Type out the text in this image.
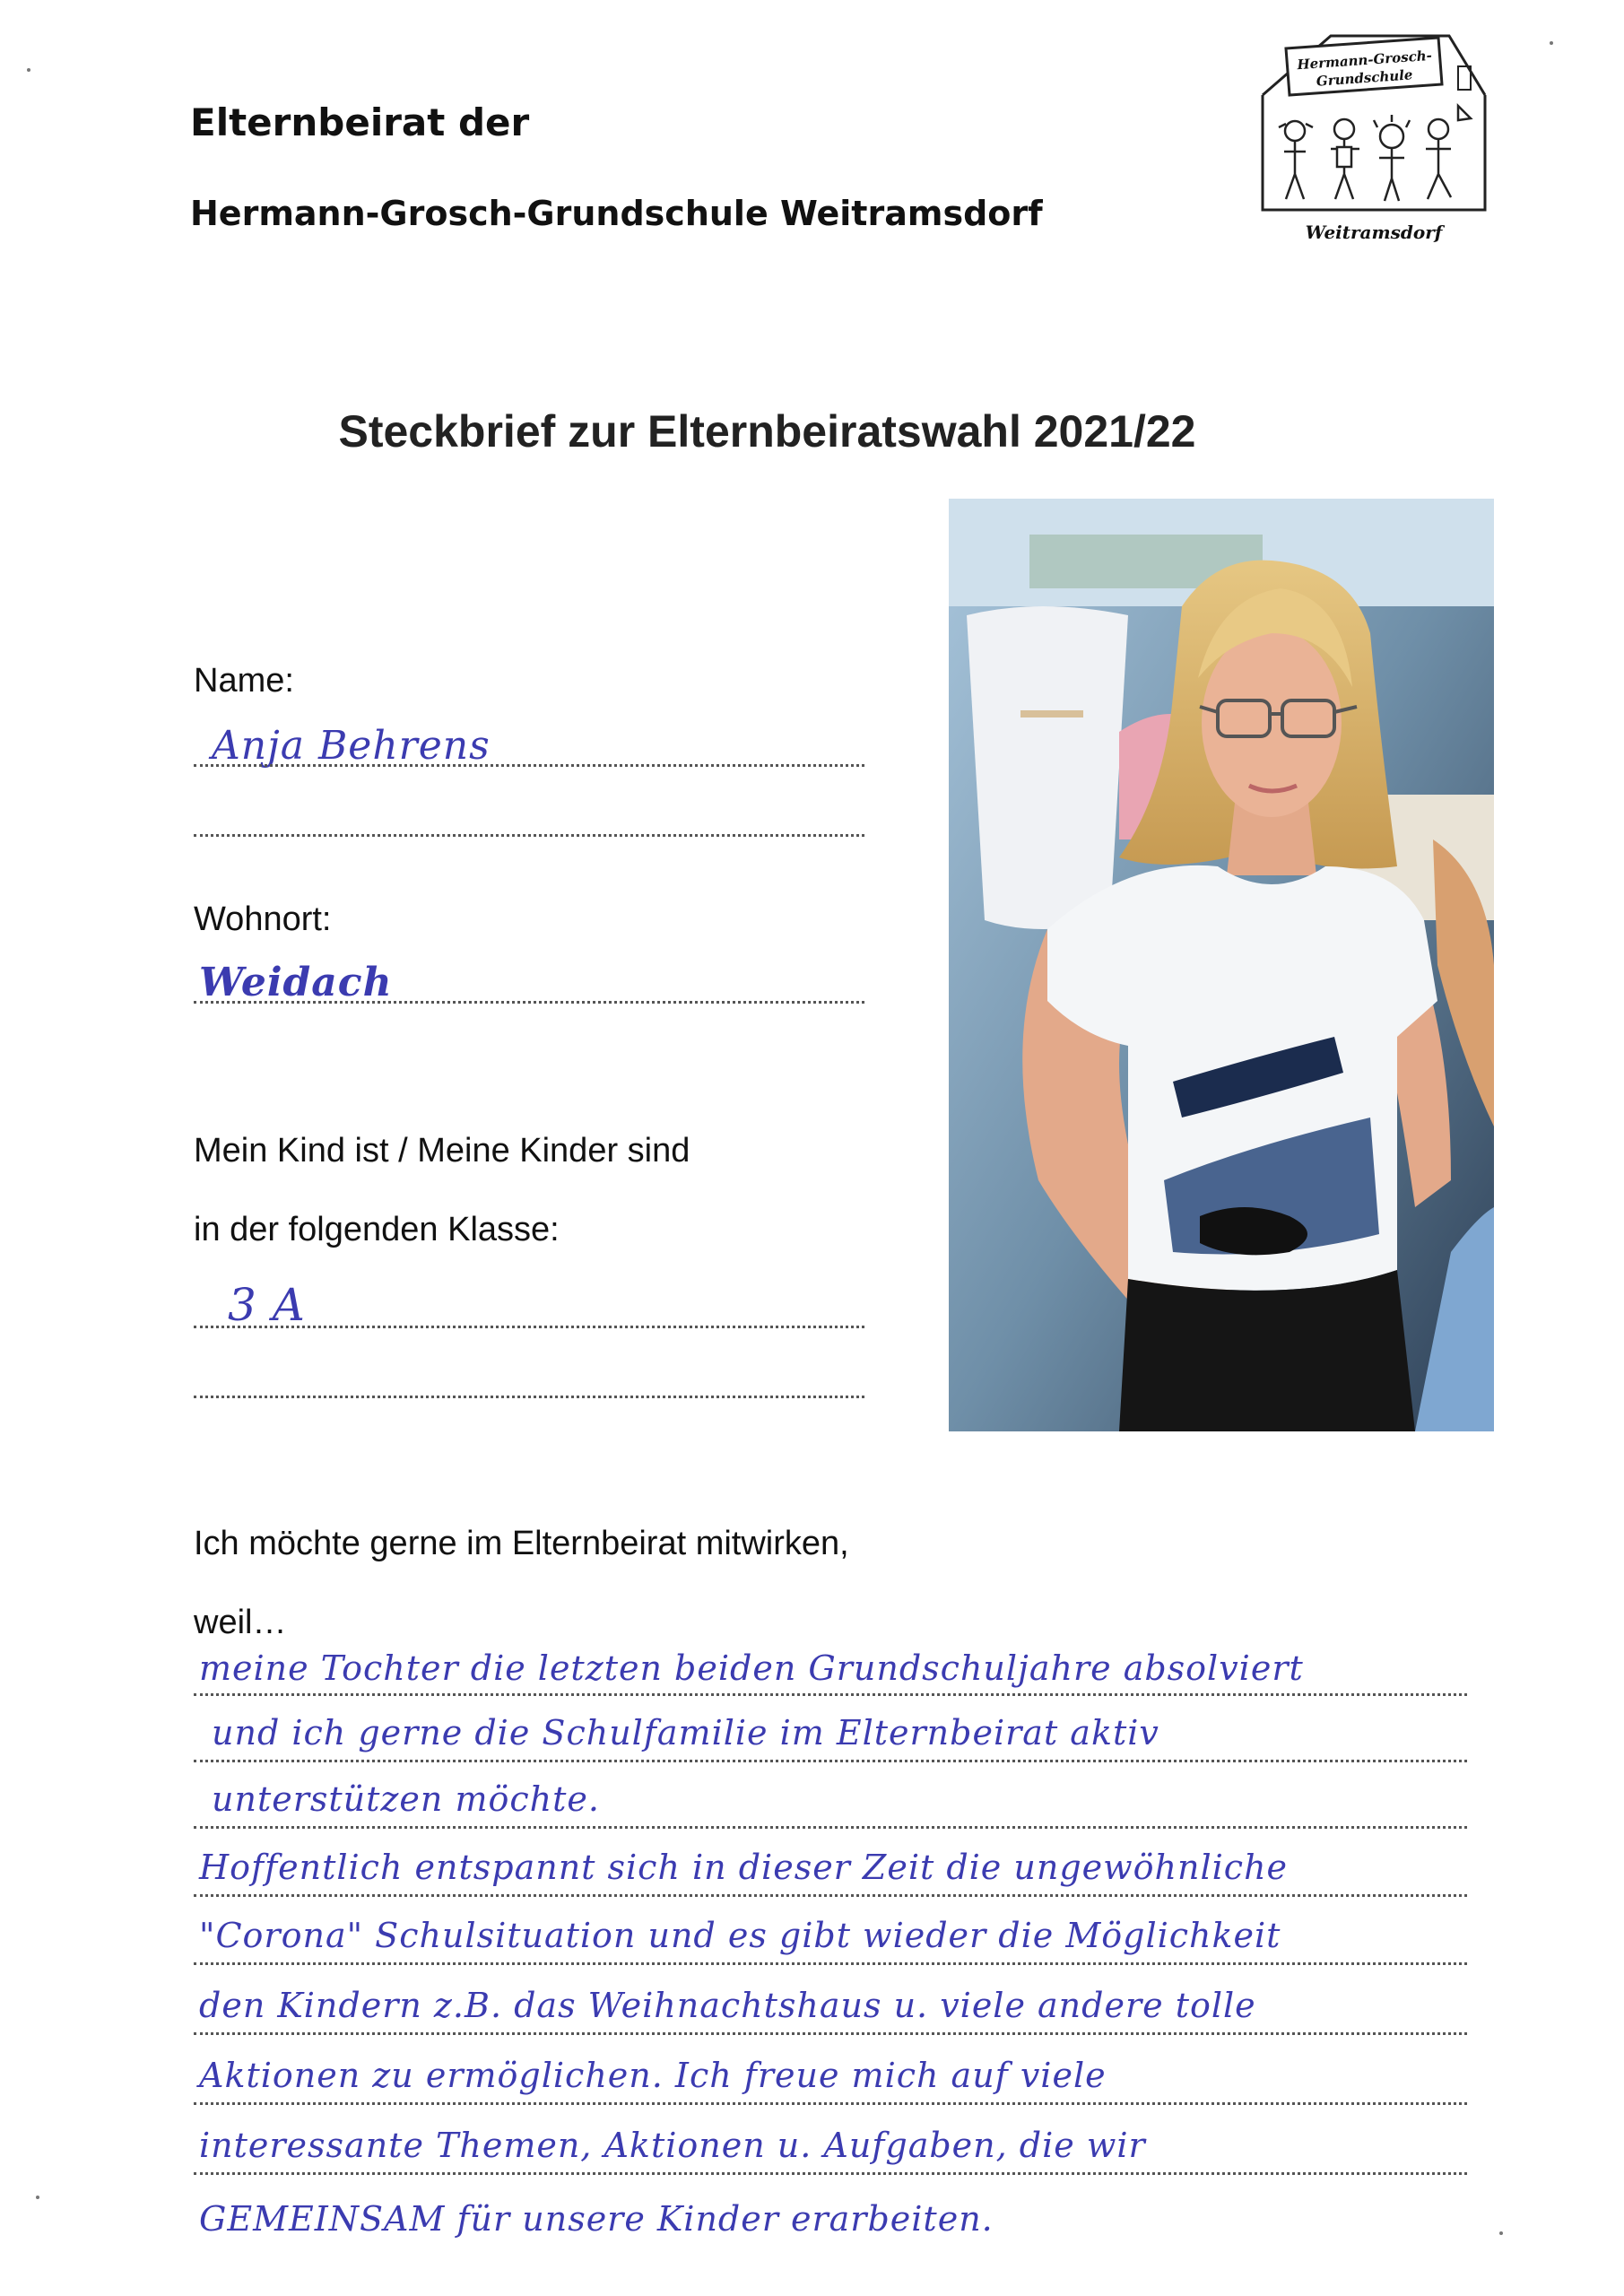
Elternbeirat der
Hermann-Grosch-Grundschule Weitramsdorf
Hermann-Grosch-
Grundschule
Weitramsdorf
Steckbrief zur Elternbeiratswahl 2021/22
Name:
Anja Behrens
Wohnort:
Weidach
Mein Kind ist / Meine Kinder sind
in der folgenden Klasse:
3 A
Ich möchte gerne im Elternbeirat mitwirken,
weil…
meine Tochter die letzten beiden Grundschuljahre absolviert
und ich gerne die Schulfamilie im Elternbeirat aktiv
unterstützen möchte.
Hoffentlich entspannt sich in dieser Zeit die ungewöhnliche
"Corona" Schulsituation und es gibt wieder die Möglichkeit
den Kindern z.B. das Weihnachtshaus u. viele andere tolle
Aktionen zu ermöglichen. Ich freue mich auf viele
interessante Themen, Aktionen u. Aufgaben, die wir
GEMEINSAM für unsere Kinder erarbeiten.
